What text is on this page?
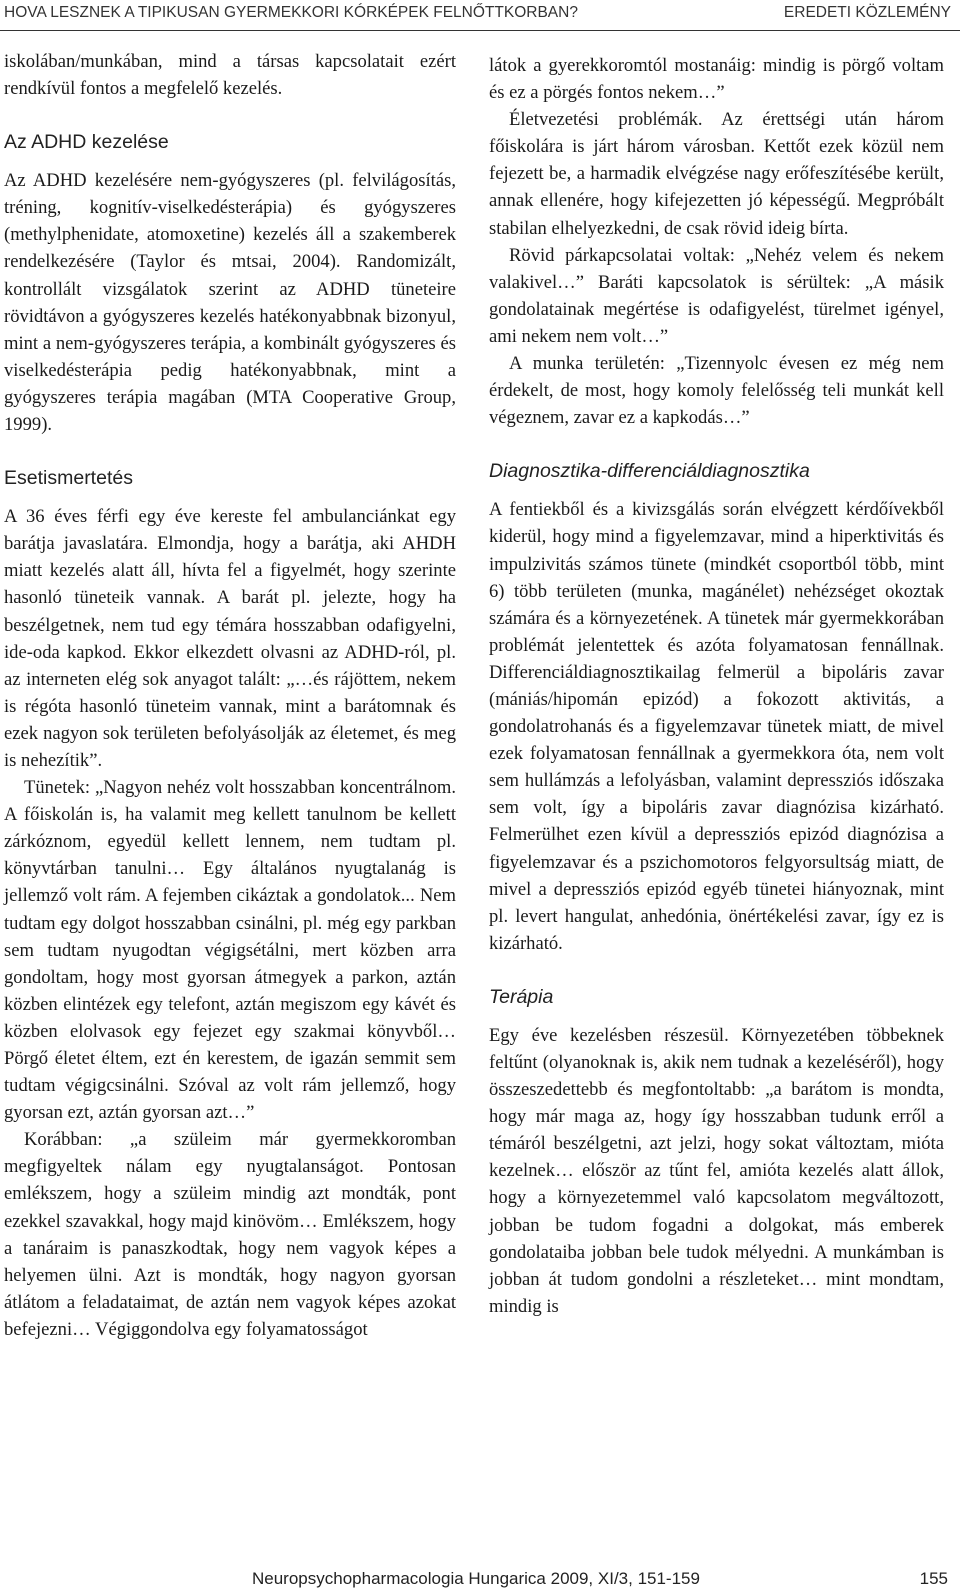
HOVA LESZNEK A TIPIKUSAN GYERMEKKORI KÓRKÉPEK FELNŐTTKORBAN?	EREDETI KÖZLEMÉNY

iskolában/munkában, mind a társas kapcsolatait ezért rendkívül fontos a megfelelő kezelés.

Az ADHD kezelése

Az ADHD kezelésére nem-gyógyszeres (pl. felvilágosítás, tréning, kognitív-viselkedésterápia) és gyógyszeres (methylphenidate, atomoxetine) kezelés áll a szakemberek rendelkezésére (Taylor és mtsai, 2004). Randomizált, kontrollált vizsgálatok szerint az ADHD tüneteire rövidtávon a gyógyszeres kezelés hatékonyabbnak bizonyul, mint a nem-gyógyszeres terápia, a kombinált gyógyszeres és viselkedésterápia pedig hatékonyabbnak, mint a gyógyszeres terápia magában (MTA Cooperative Group, 1999).

Esetismertetés

A 36 éves férfi egy éve kereste fel ambulanciánkat egy barátja javaslatára. Elmondja, hogy a barátja, aki AHDH miatt kezelés alatt áll, hívta fel a figyelmét, hogy szerinte hasonló tüneteik vannak. A barát pl. jelezte, hogy ha beszélgetnek, nem tud egy témára hosszabban odafigyelni, ide-oda kapkod. Ekkor elkezdett olvasni az ADHD-ról, pl. az interneten elég sok anyagot talált: „…és rájöttem, nekem is régóta hasonló tüneteim vannak, mint a barátomnak és ezek nagyon sok területen befolyásolják az életemet, és meg is nehezítik”.

Tünetek: „Nagyon nehéz volt hosszabban koncentrálnom. A főiskolán is, ha valamit meg kellett tanulnom be kellett zárkóznom, egyedül kellett lennem, nem tudtam pl. könyvtárban tanulni… Egy általános nyugtalanág is jellemző volt rám. A fejemben cikáztak a gondolatok... Nem tudtam egy dolgot hosszabban csinálni, pl. még egy parkban sem tudtam nyugodtan végigsétálni, mert közben arra gondoltam, hogy most gyorsan átmegyek a parkon, aztán közben elintézek egy telefont, aztán megiszom egy kávét és közben elolvasok egy fejezet egy szakmai könyvből… Pörgő életet éltem, ezt én kerestem, de igazán semmit sem tudtam végigcsinálni. Szóval az volt rám jellemző, hogy gyorsan ezt, aztán gyorsan azt…”

Korábban: „a szüleim már gyermekkoromban megfigyeltek nálam egy nyugtalanságot. Pontosan emlékszem, hogy a szüleim mindig azt mondták, pont ezekkel szavakkal, hogy majd kinövöm… Emlékszem, hogy a tanáraim is panaszkodtak, hogy nem vagyok képes a helyemen ülni. Azt is mondták, hogy nagyon gyorsan átlátom a feladataimat, de aztán nem vagyok képes azokat befejezni… Végiggondolva egy folyamatosságot

látok a gyerekkoromtól mostanáig: mindig is pörgő voltam és ez a pörgés fontos nekem…”

Életvezetési problémák. Az érettségi után három főiskolára is járt három városban. Kettőt ezek közül nem fejezett be, a harmadik elvégzése nagy erőfeszítésébe került, annak ellenére, hogy kifejezetten jó képességű. Megpróbált stabilan elhelyezkedni, de csak rövid ideig bírta.

Rövid párkapcsolatai voltak: „Nehéz velem és nekem valakivel…” Baráti kapcsolatok is sérültek: „A másik gondolatainak megértése is odafigyelést, türelmet igényel, ami nekem nem volt…”

A munka területén: „Tizennyolc évesen ez még nem érdekelt, de most, hogy komoly felelősség teli munkát kell végeznem, zavar ez a kapkodás…”

Diagnosztika-differenciáldiagnosztika

A fentiekből és a kivizsgálás során elvégzett kérdőívekből kiderül, hogy mind a figyelemzavar, mind a hiperktivitás és impulzivitás számos tünete (mindkét csoportból több, mint 6) több területen (munka, magánélet) nehézséget okoztak számára és a környezetének. A tünetek már gyermekkorában problémát jelentettek és azóta folyamatosan fennállnak. Differenciáldiagnosztikailag felmerül a bipoláris zavar (mániás/hipomán epizód) a fokozott aktivitás, a gondolatrohanás és a figyelemzavar tünetek miatt, de mivel ezek folyamatosan fennállnak a gyermekkora óta, nem volt sem hullámzás a lefolyásban, valamint depressziós időszaka sem volt, így a bipoláris zavar diagnózisa kizárható. Felmerülhet ezen kívül a depressziós epizód diagnózisa a figyelemzavar és a pszichomotoros felgyorsultság miatt, de mivel a depressziós epizód egyéb tünetei hiányoznak, mint pl. levert hangulat, anhedónia, önértékelési zavar, így ez is kizárható.

Terápia

Egy éve kezelésben részesül. Környezetében többeknek feltűnt (olyanoknak is, akik nem tudnak a kezeléséről), hogy összeszedettebb és megfontoltabb: „a barátom is mondta, hogy már maga az, hogy így hosszabban tudunk erről a témáról beszélgetni, azt jelzi, hogy sokat változtam, mióta kezelnek… először az tűnt fel, amióta kezelés alatt állok, hogy a környezetemmel való kapcsolatom megváltozott, jobban be tudom fogadni a dolgokat, más emberek gondolataiba jobban bele tudok mélyedni. A munkámban is jobban át tudom gondolni a részleteket… mint mondtam, mindig is

Neuropsychopharmacologia Hungarica 2009, XI/3, 151-159	155
